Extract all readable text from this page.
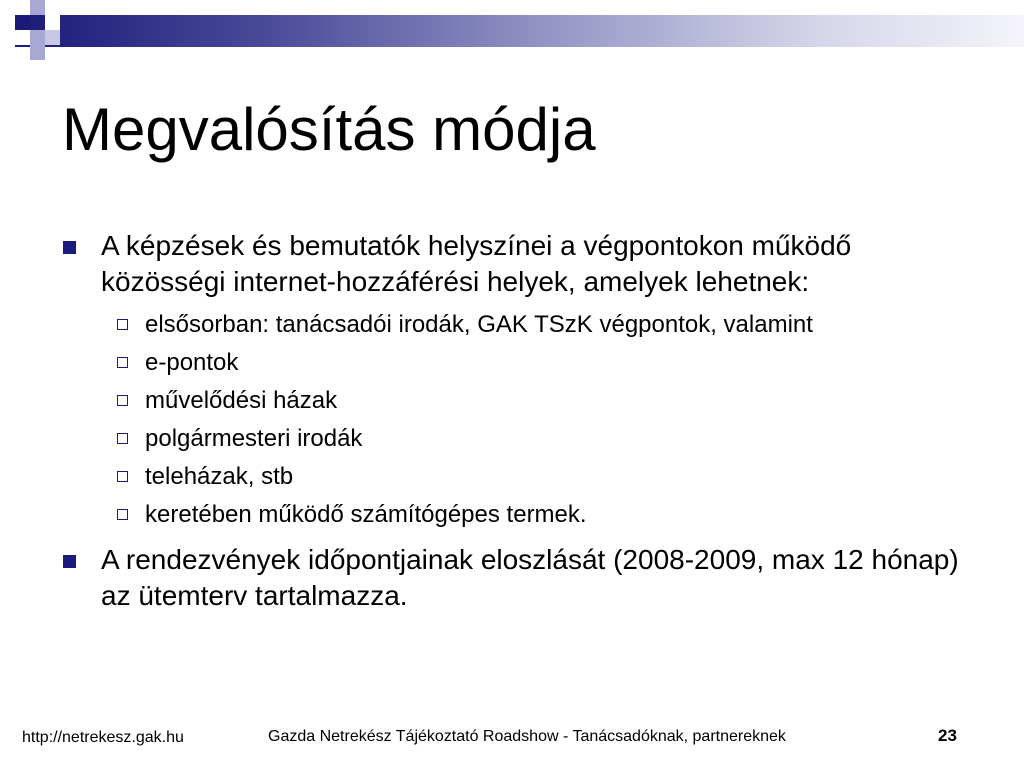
Megvalósítás módja
A képzések és bemutatók helyszínei a végpontokon működő közösségi internet-hozzáférési helyek, amelyek lehetnek:
elsősorban: tanácsadói irodák, GAK TSzK végpontok, valamint
e-pontok
művelődési házak
polgármesteri irodák
teleházak, stb
keretében működő számítógépes termek.
A rendezvények időpontjainak eloszlását (2008-2009, max 12 hónap) az ütemterv tartalmazza.
http://netrekesz.gak.hu	Gazda Netrekész Tájékoztató Roadshow - Tanácsadóknak, partnereknek	23
